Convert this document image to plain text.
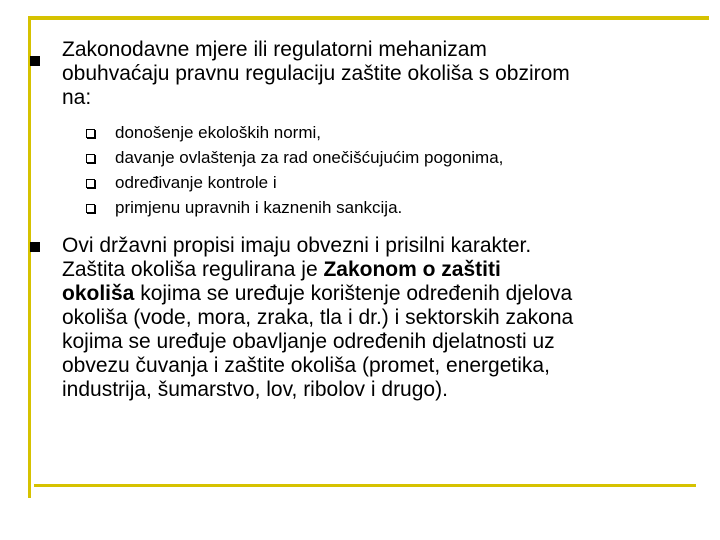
Zakonodavne mjere ili regulatorni mehanizam
obuhvaćaju pravnu regulaciju zaštite okoliša s obzirom
na:
donošenje ekoloških normi,
davanje ovlaštenja za rad onečišćujućim pogonima,
određivanje kontrole i
primjenu upravnih i kaznenih sankcija.
Ovi državni propisi imaju obvezni i prisilni karakter.
Zaštita okoliša regulirana je Zakonom o zaštiti
okoliša kojima se uređuje korištenje određenih djelova
okoliša (vode, mora, zraka, tla i dr.) i sektorskih zakona
kojima se uređuje obavljanje određenih djelatnosti uz
obvezu čuvanja i zaštite okoliša (promet, energetika,
industrija, šumarstvo, lov, ribolov i drugo).
